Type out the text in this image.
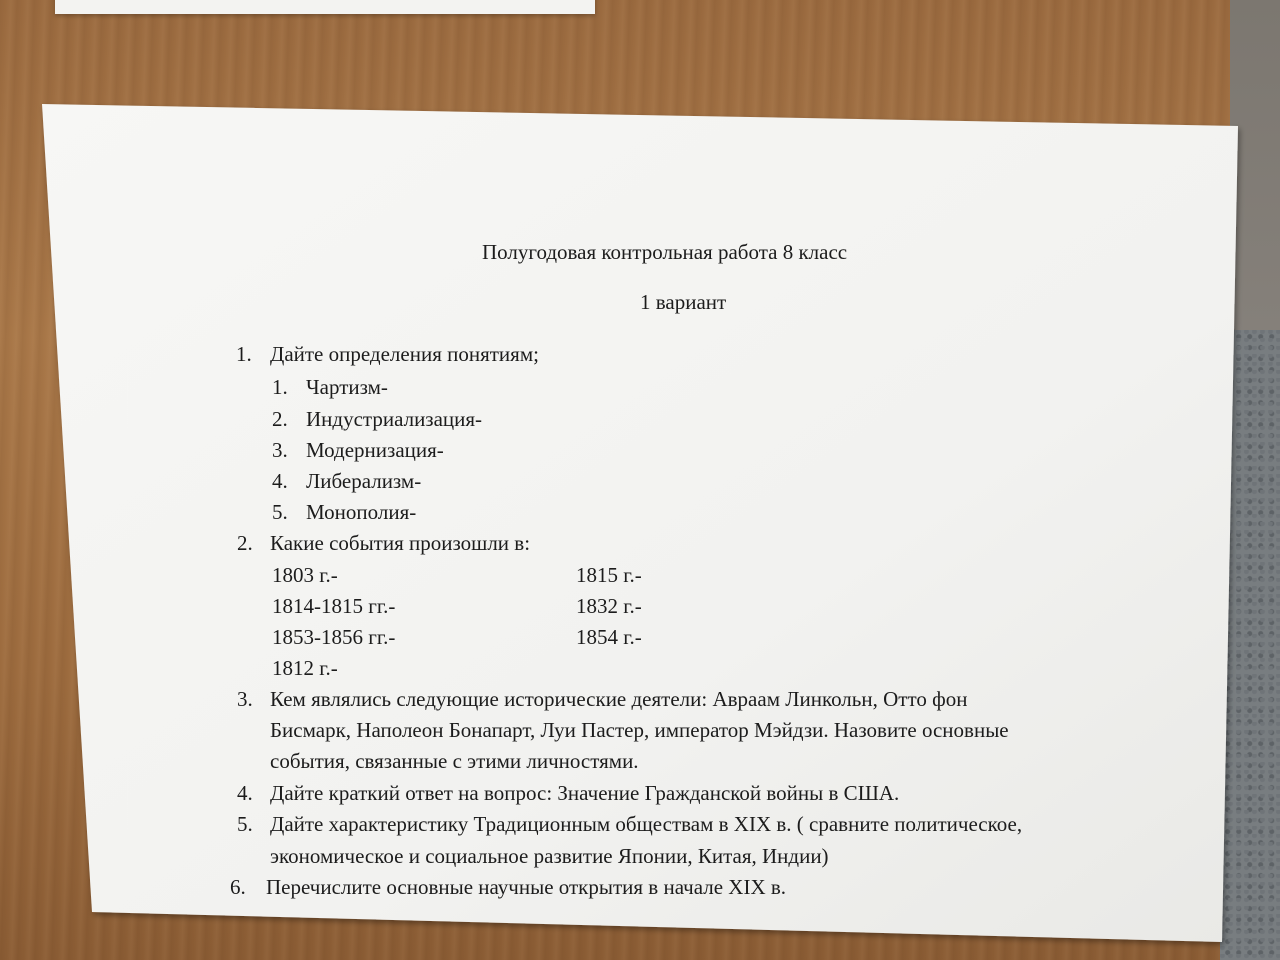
Полугодовая контрольная работа 8 класс
1 вариант
1. Дайте определения понятиям;
1. Чартизм-
2. Индустриализация-
3. Модернизация-
4. Либерализм-
5. Монополия-
2. Какие события произошли в:
1803 г.-
1814-1815 гг.-
1853-1856 гг.-
1812 г.-
1815 г.-
1832 г.-
1854 г.-
3. Кем являлись следующие исторические деятели: Авраам Линкольн, Отто фон
Бисмарк, Наполеон Бонапарт, Луи Пастер, император Мэйдзи. Назовите основные
события, связанные с этими личностями.
4. Дайте краткий ответ на вопрос: Значение Гражданской войны в США.
5. Дайте характеристику Традиционным обществам в XIX в. ( сравните политическое,
экономическое и социальное развитие Японии, Китая, Индии)
6. Перечислите основные научные открытия в начале XIX в.
